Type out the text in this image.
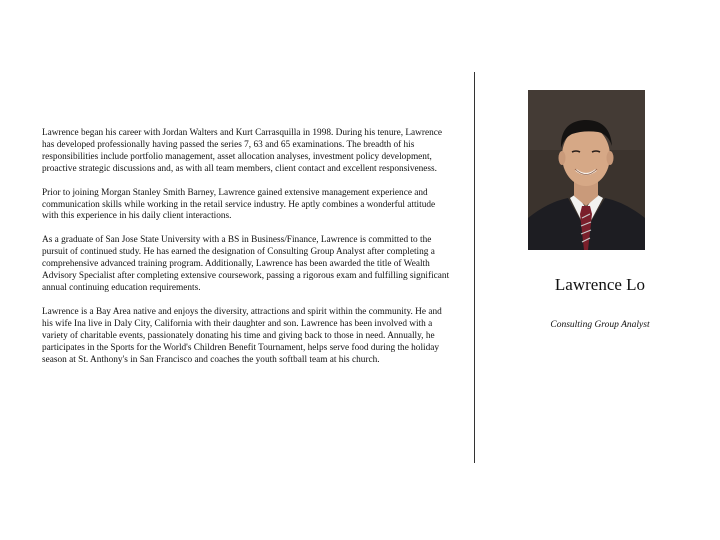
Lawrence began his career with Jordan Walters and Kurt Carrasquilla in 1998. During his tenure, Lawrence has developed professionally having passed the series 7, 63 and 65 examinations. The breadth of his responsibilities include portfolio management, asset allocation analyses, investment policy development, proactive strategic discussions and, as with all team members, client contact and excellent responsiveness.

Prior to joining Morgan Stanley Smith Barney, Lawrence gained extensive management experience and communication skills while working in the retail service industry. He aptly combines a wonderful attitude with this experience in his daily client interactions.

As a graduate of San Jose State University with a BS in Business/Finance, Lawrence is committed to the pursuit of continued study. He has earned the designation of Consulting Group Analyst after completing a comprehensive advanced training program. Additionally, Lawrence has been awarded the title of Wealth Advisory Specialist after completing extensive coursework, passing a rigorous exam and fulfilling significant annual continuing education requirements.

Lawrence is a Bay Area native and enjoys the diversity, attractions and spirit within the community. He and his wife Ina live in Daly City, California with their daughter and son. Lawrence has been involved with a variety of charitable events, passionately donating his time and giving back to those in need. Annually, he participates in the Sports for the World's Children Benefit Tournament, helps serve food during the holiday season at St. Anthony's in San Francisco and coaches the youth softball team at his church.

Lawrence Lo
Consulting Group Analyst
